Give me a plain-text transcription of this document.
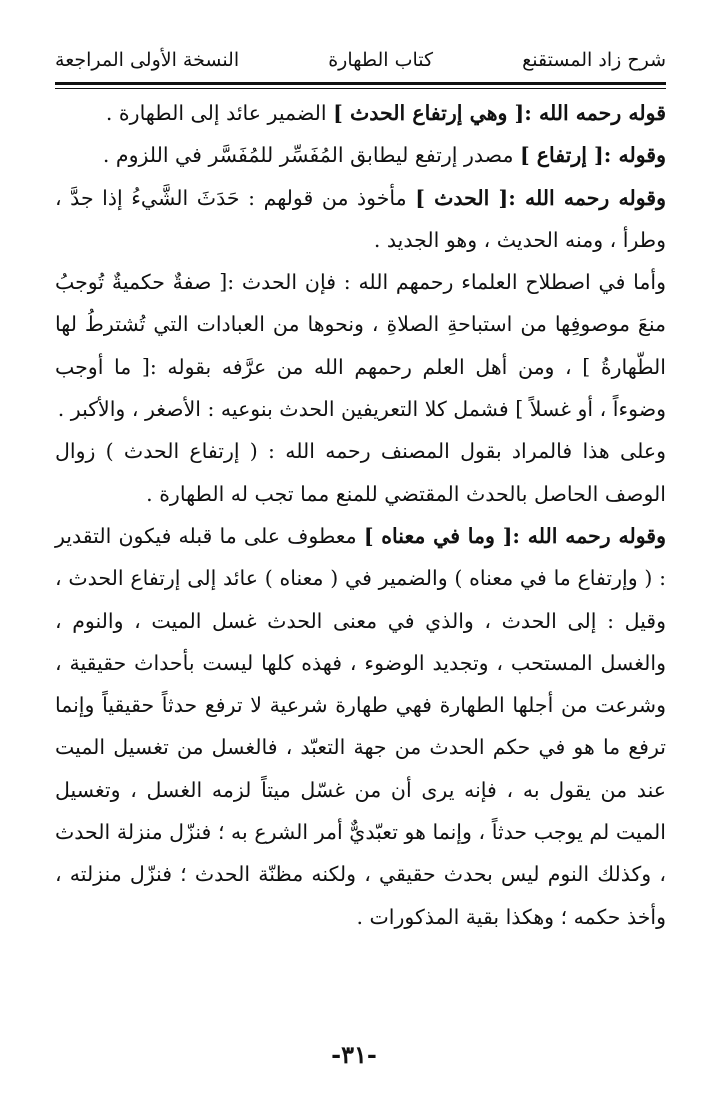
شرح زاد المستقنع
كتاب الطهارة
النسخة الأولى المراجعة

قوله رحمه الله :[ وهي إرتفاع الحدث ] الضمير عائد إلى الطهارة .

وقوله :[ إرتفاع ] مصدر إرتفع ليطابق المُفَسِّر للمُفَسَّر في اللزوم .

وقوله رحمه الله :[ الحدث ] مأخوذ من قولهم : حَدَثَ الشَّيءُ إذا جدَّ ، وطرأ ، ومنه الحديث ، وهو الجديد .

وأما في اصطلاح العلماء رحمهم الله : فإن الحدث :[ صفةٌ حكميةٌ تُوجبُ منعَ موصوفِها من استباحةِ الصلاةِ ، ونحوها من العبادات التي تُشترطُ لها الطّهارةُ ] ، ومن أهل العلم رحمهم الله من عرَّفه بقوله :[ ما أوجب وضوءاً ، أو غسلاً ] فشمل كلا التعريفين الحدث بنوعيه : الأصغر ، والأكبر .

وعلى هذا فالمراد بقول المصنف رحمه الله : ( إرتفاع الحدث ) زوال الوصف الحاصل بالحدث المقتضي للمنع مما تجب له الطهارة .

وقوله رحمه الله :[ وما في معناه ] معطوف على ما قبله فيكون التقدير : ( وإرتفاع ما في معناه ) والضمير في ( معناه ) عائد إلى إرتفاع الحدث ، وقيل : إلى الحدث ، والذي في معنى الحدث غسل الميت ، والنوم ، والغسل المستحب ، وتجديد الوضوء ، فهذه كلها ليست بأحداث حقيقية ، وشرعت من أجلها الطهارة فهي طهارة شرعية لا ترفع حدثاً حقيقياً وإنما ترفع ما هو في حكم الحدث من جهة التعبّد ، فالغسل من تغسيل الميت عند من يقول به ، فإنه يرى أن من غسّل ميتاً لزمه الغسل ، وتغسيل الميت لم يوجب حدثاً ، وإنما هو تعبّديٌّ أمر الشرع به ؛ فنزّل منزلة الحدث ، وكذلك النوم ليس بحدث حقيقي ، ولكنه مظنّة الحدث ؛ فنزّل منزلته ، وأخذ حكمه ؛ وهكذا بقية المذكورات .

-٣١-
